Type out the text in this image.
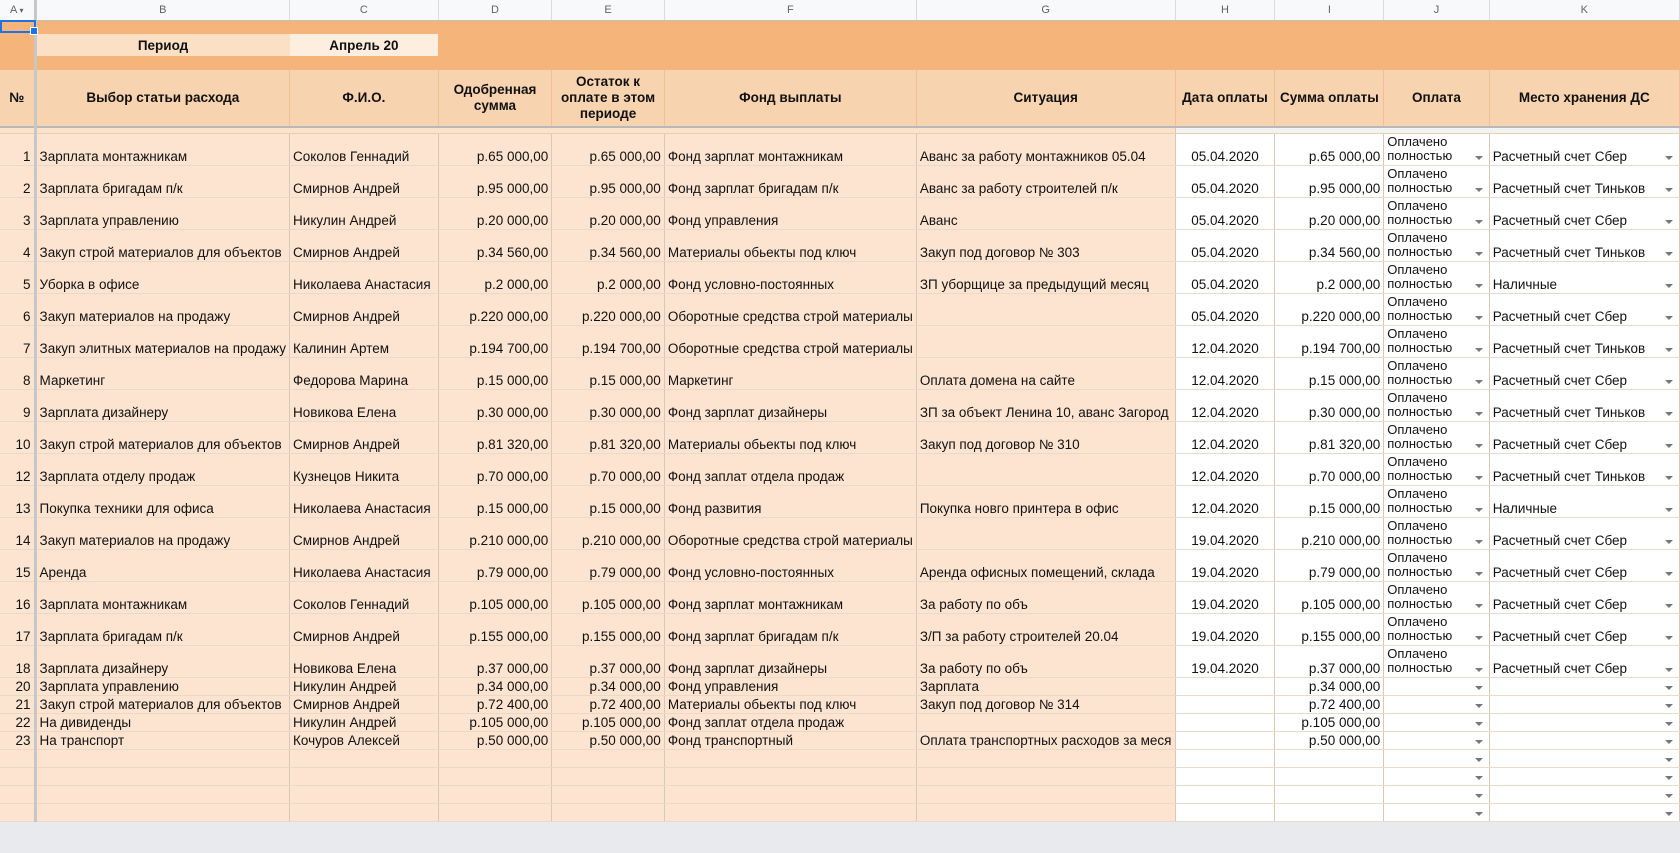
A ▾	B	C	D	E	F	G	H	I	J	K

	Период	Апрель 20								

№	Выбор статьи расхода	Ф.И.О.	Одобренная сумма	Остаток к оплате в этом периоде	Фонд выплаты	Ситуация	Дата оплаты	Сумма оплаты	Оплата	Место хранения ДС

1	Зарплата монтажникам	Соколов Геннадий	р.65 000,00	р.65 000,00	Фонд зарплат монтажникам	Аванс за работу монтажников 05.04	05.04.2020	р.65 000,00	Оплачено полностью	Расчетный счет Сбер

2	Зарплата бригадам п/к	Смирнов Андрей	р.95 000,00	р.95 000,00	Фонд зарплат бригадам п/к	Аванс за работу строителей п/к	05.04.2020	р.95 000,00	Оплачено полностью	Расчетный счет Тиньков

3	Зарплата управлению	Никулин Андрей	р.20 000,00	р.20 000,00	Фонд управления	Аванс	05.04.2020	р.20 000,00	Оплачено полностью	Расчетный счет Сбер

4	Закуп строй материалов для объектов	Смирнов Андрей	р.34 560,00	р.34 560,00	Материалы обьекты под ключ	Закуп под договор № 303	05.04.2020	р.34 560,00	Оплачено полностью	Расчетный счет Тиньков

5	Уборка в офисе	Николаева Анастасия	р.2 000,00	р.2 000,00	Фонд условно-постоянных	ЗП уборщице за предыдущий месяц	05.04.2020	р.2 000,00	Оплачено полностью	Наличные

6	Закуп материалов на продажу	Смирнов Андрей	р.220 000,00	р.220 000,00	Оборотные средства строй материалы		05.04.2020	р.220 000,00	Оплачено полностью	Расчетный счет Сбер

7	Закуп элитных материалов на продажу	Калинин Артем	р.194 700,00	р.194 700,00	Оборотные средства строй материалы		12.04.2020	р.194 700,00	Оплачено полностью	Расчетный счет Тиньков

8	Маркетинг	Федорова Марина	р.15 000,00	р.15 000,00	Маркетинг	Оплата домена на сайте	12.04.2020	р.15 000,00	Оплачено полностью	Расчетный счет Сбер

9	Зарплата дизайнеру	Новикова Елена	р.30 000,00	р.30 000,00	Фонд зарплат дизайнеры	ЗП за объект Ленина 10, аванс Загород	12.04.2020	р.30 000,00	Оплачено полностью	Расчетный счет Тиньков

10	Закуп строй материалов для объектов	Смирнов Андрей	р.81 320,00	р.81 320,00	Материалы обьекты под ключ	Закуп под договор № 310	12.04.2020	р.81 320,00	Оплачено полностью	Расчетный счет Сбер

12	Зарплата отделу продаж	Кузнецов Никита	р.70 000,00	р.70 000,00	Фонд заплат отдела продаж		12.04.2020	р.70 000,00	Оплачено полностью	Расчетный счет Тиньков

13	Покупка техники для офиса	Николаева Анастасия	р.15 000,00	р.15 000,00	Фонд развития	Покупка новго принтера в офис	12.04.2020	р.15 000,00	Оплачено полностью	Наличные

14	Закуп материалов на продажу	Смирнов Андрей	р.210 000,00	р.210 000,00	Оборотные средства строй материалы		19.04.2020	р.210 000,00	Оплачено полностью	Расчетный счет Сбер

15	Аренда	Николаева Анастасия	р.79 000,00	р.79 000,00	Фонд условно-постоянных	Аренда офисных помещений, склада	19.04.2020	р.79 000,00	Оплачено полностью	Расчетный счет Сбер

16	Зарплата монтажникам	Соколов Геннадий	р.105 000,00	р.105 000,00	Фонд зарплат монтажникам	За работу по объ	19.04.2020	р.105 000,00	Оплачено полностью	Расчетный счет Сбер

17	Зарплата бригадам п/к	Смирнов Андрей	р.155 000,00	р.155 000,00	Фонд зарплат бригадам п/к	З/П за работу строителей 20.04	19.04.2020	р.155 000,00	Оплачено полностью	Расчетный счет Сбер

18	Зарплата дизайнеру	Новикова Елена	р.37 000,00	р.37 000,00	Фонд зарплат дизайнеры	За работу по объ	19.04.2020	р.37 000,00	Оплачено полностью	Расчетный счет Сбер

20	Зарплата управлению	Никулин Андрей	р.34 000,00	р.34 000,00	Фонд управления	Зарплата		р.34 000,00	

21	Закуп строй материалов для объектов	Смирнов Андрей	р.72 400,00	р.72 400,00	Материалы обьекты под ключ	Закуп под договор № 314		р.72 400,00	

22	На дивиденды	Никулин Андрей	р.105 000,00	р.105 000,00	Фонд заплат отдела продаж			р.105 000,00	

23	На транспорт	Кочуров Алексей	р.50 000,00	р.50 000,00	Фонд транспортный	Оплата транспортных расходов за меся		р.50 000,00	
